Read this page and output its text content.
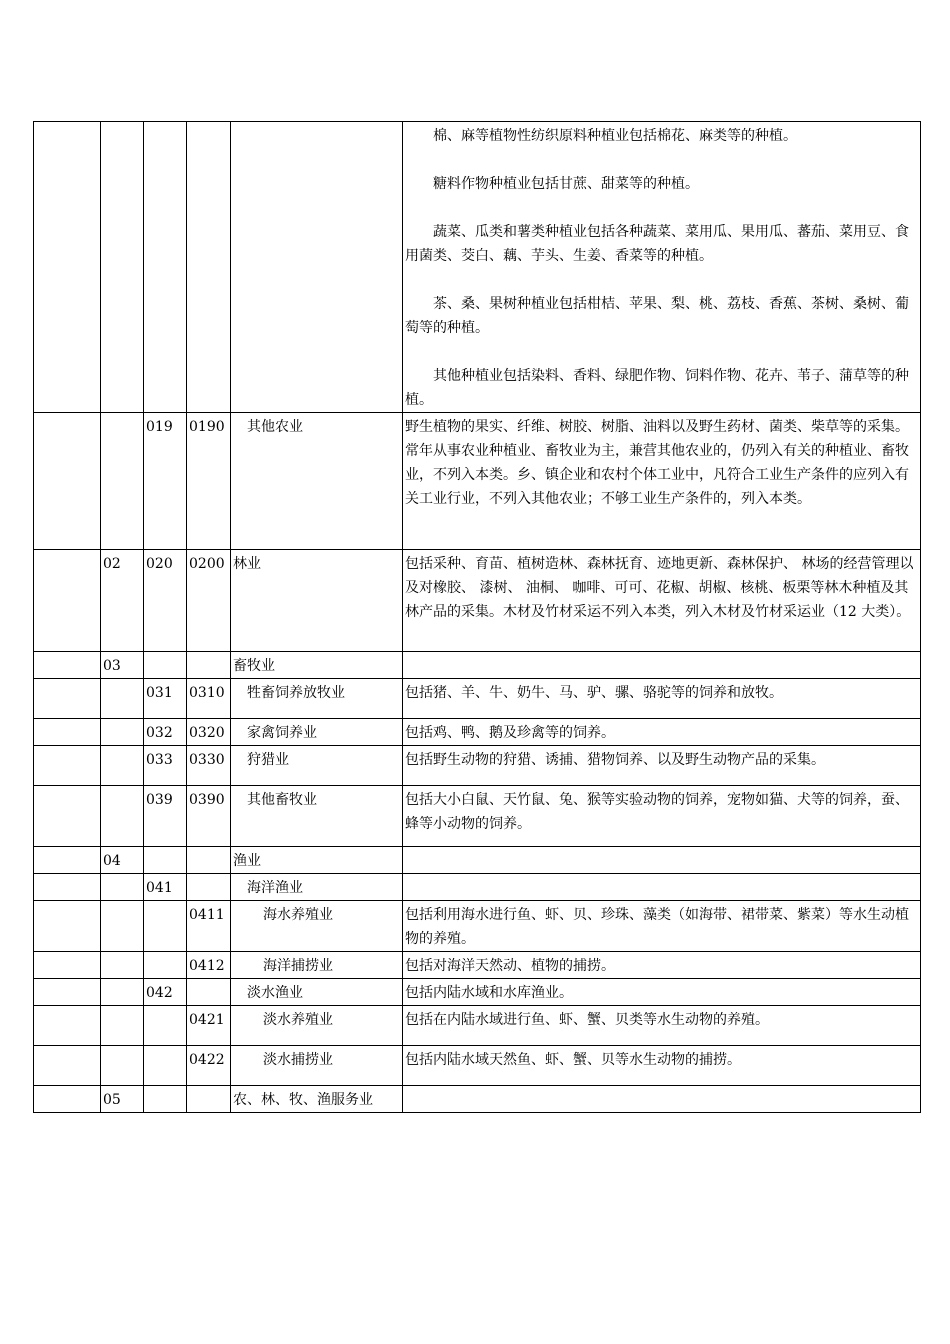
					棉、麻等植物性纺织原料种植业包括棉花、麻类等的种植。

糖料作物种植业包括甘蔗、甜菜等的种植。

蔬菜、瓜类和薯类种植业包括各种蔬菜、菜用瓜、果用瓜、蕃茄、菜用豆、食用菌类、茭白、藕、芋头、生姜、香菜等的种植。

茶、桑、果树种植业包括柑桔、苹果、梨、桃、荔枝、香蕉、茶树、桑树、葡萄等的种植。

其他种植业包括染料、香料、绿肥作物、饲料作物、花卉、苇子、蒲草等的种植。

		019	0190	其他农业	野生植物的果实、纤维、树胶、树脂、油料以及野生药材、菌类、柴草等的采集。常年从事农业种植业、畜牧业为主，兼营其他农业的，仍列入有关的种植业、畜牧业，不列入本类。乡、镇企业和农村个体工业中，凡符合工业生产条件的应列入有关工业行业，不列入其他农业；不够工业生产条件的，列入本类。
	02	020	0200	林业	包括采种、育苗、植树造林、森林抚育、迹地更新、森林保护、 林场的经营管理以及对橡胶、 漆树、 油桐、 咖啡、可可、花椒、胡椒、核桃、板栗等林木种植及其林产品的采集。木材及竹材采运不列入本类，列入木材及竹材采运业（12 大类）。
	03			畜牧业	
		031	0310	牲畜饲养放牧业	包括猪、羊、牛、奶牛、马、驴、骡、骆驼等的饲养和放牧。
		032	0320	家禽饲养业	包括鸡、鸭、鹅及珍禽等的饲养。
		033	0330	狩猎业	包括野生动物的狩猎、诱捕、猎物饲养、以及野生动物产品的采集。
		039	0390	其他畜牧业	包括大小白鼠、天竹鼠、兔、猴等实验动物的饲养，宠物如猫、犬等的饲养，蚕、蜂等小动物的饲养。
	04			渔业	
		041		海洋渔业	
			0411	海水养殖业	包括利用海水进行鱼、虾、贝、珍珠、藻类（如海带、裙带菜、紫菜）等水生动植物的养殖。
			0412	海洋捕捞业	包括对海洋天然动、植物的捕捞。
		042		淡水渔业	包括内陆水域和水库渔业。
			0421	淡水养殖业	包括在内陆水域进行鱼、虾、蟹、贝类等水生动物的养殖。
			0422	淡水捕捞业	包括内陆水域天然鱼、虾、蟹、贝等水生动物的捕捞。
	05			农、林、牧、渔服务业	
